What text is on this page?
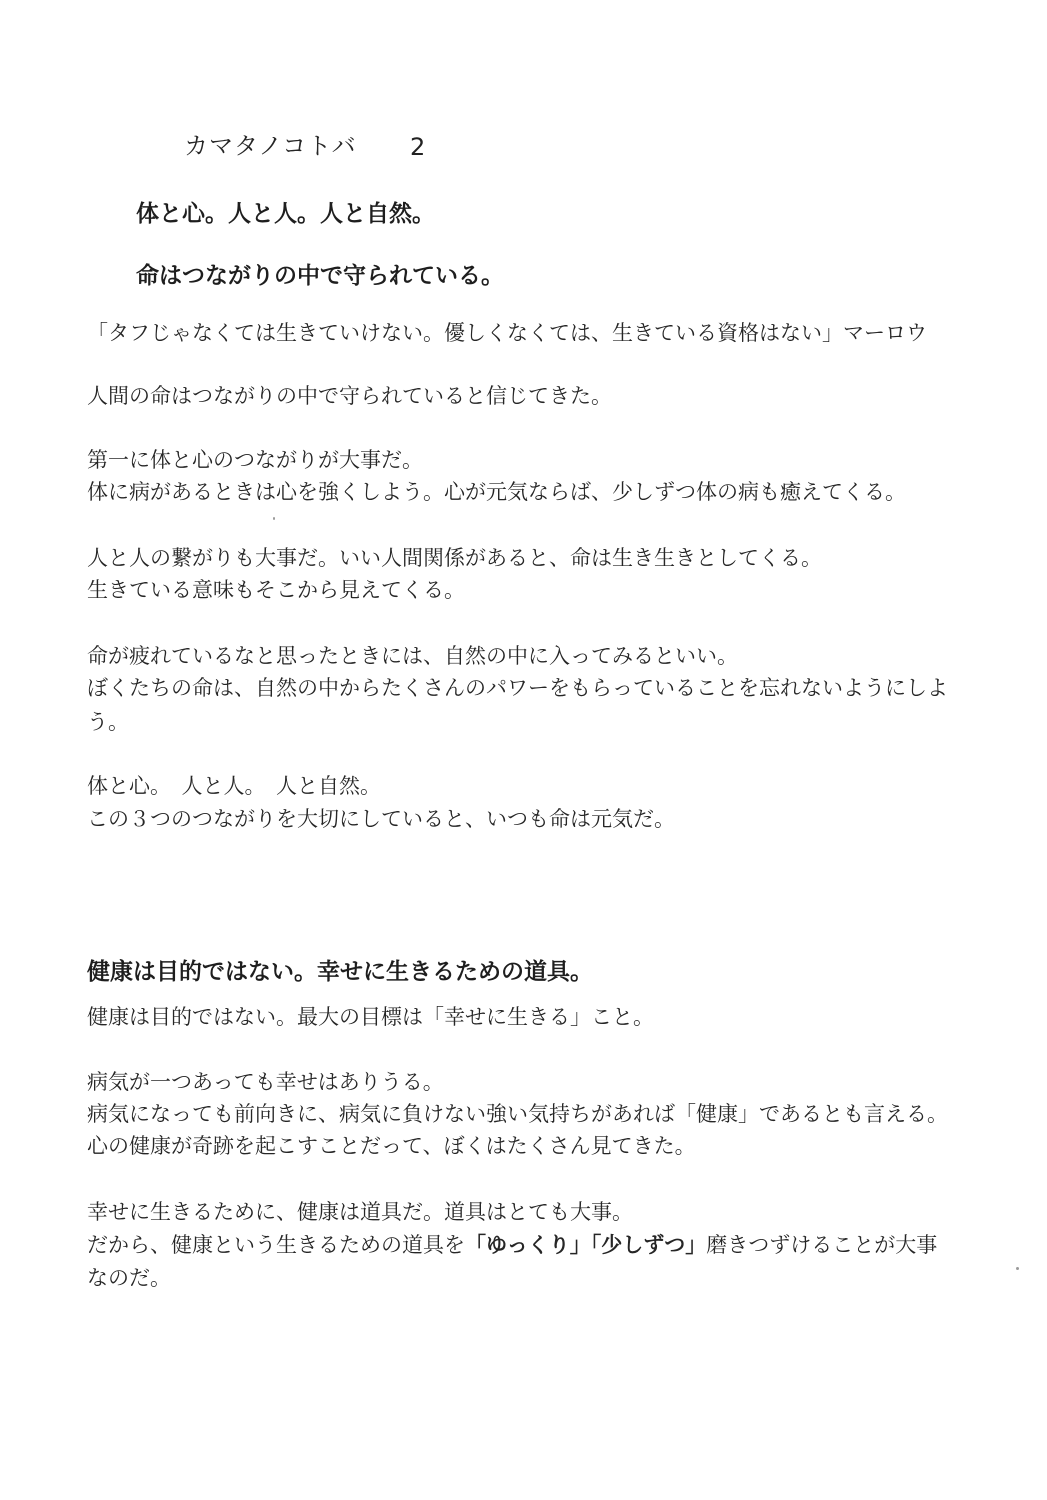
カマタノコトバ 2
体と心。人と人。人と自然。
命はつながりの中で守られている。
「タフじゃなくては生きていけない。優しくなくては、生きている資格はない」マーロウ
人間の命はつながりの中で守られていると信じてきた。
第一に体と心のつながりが大事だ。
体に病があるときは心を強くしよう。心が元気ならば、少しずつ体の病も癒えてくる。
人と人の繋がりも大事だ。いい人間関係があると、命は生き生きとしてくる。
生きている意味もそこから見えてくる。
命が疲れているなと思ったときには、自然の中に入ってみるといい。
ぼくたちの命は、自然の中からたくさんのパワーをもらっていることを忘れないようにしよ
う。
体と心。　人と人。　人と自然。
この３つのつながりを大切にしていると、いつも命は元気だ。
健康は目的ではない。幸せに生きるための道具。
健康は目的ではない。最大の目標は「幸せに生きる」こと。
病気が一つあっても幸せはありうる。
病気になっても前向きに、病気に負けない強い気持ちがあれば「健康」であるとも言える。
心の健康が奇跡を起こすことだって、ぼくはたくさん見てきた。
幸せに生きるために、健康は道具だ。道具はとても大事。
だから、健康という生きるための道具を「ゆっくり」「少しずつ」磨きつずけることが大事
なのだ。
